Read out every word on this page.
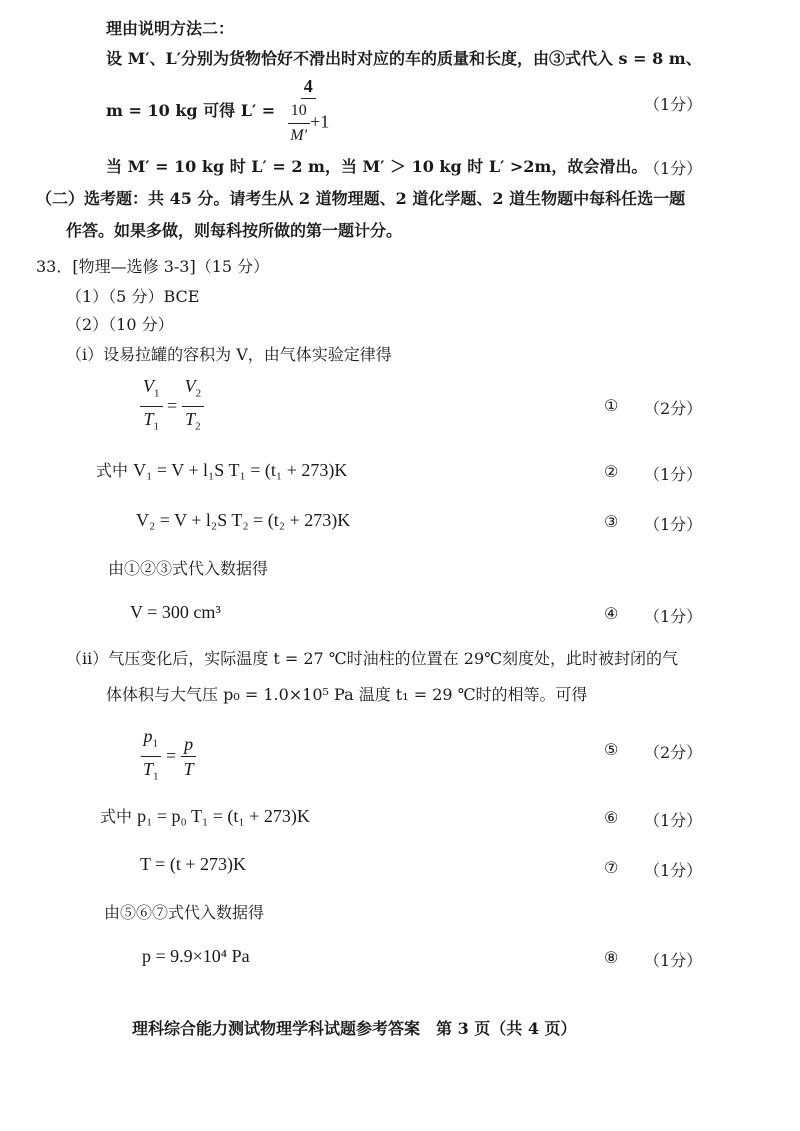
理由说明方法二：
设 M′、L′分别为货物恰好不滑出时对应的车的质量和长度，由③式代入 s = 8 m、
m = 10 kg 可得 $L' = \frac{4}{\frac{10}{M'} +1}$	（1分）
当 M′ = 10 kg 时 L′ = 2 m，当 M′ ＞ 10 kg 时 L′ >2m，故会滑出。
（1分）
（二）选考题：共 45 分。请考生从 2 道物理题、2 道化学题、2 道生物题中每科任选一题
作答。如果多做，则每科按所做的第一题计分。
33．[物理—选修 3-3]（15 分）
（1）（5 分）BCE
（2）（10 分）
（i）设易拉罐的容积为 V，由气体实验定律得
$\frac{V_1}{T_1} = \frac{V_2}{T_2}$	① （2分）
式中 V₁ = V + l₁S T₁ = (t₁ + 273)K	② （1分）
V₂ = V + l₂S T₂ = (t₂ + 273)K	③ （1分）
由①②③式代入数据得
V = 300 cm³	④ （1分）
（ii）气压变化后，实际温度 t = 27 ℃时油柱的位置在 29℃刻度处，此时被封闭的气
体体积与大气压 p₀ = 1.0×10⁵ Pa 温度 t₁ = 29 ℃时的相等。可得
$\frac{p_1}{T_1} = \frac{p}{T}$	⑤ （2分）
式中 p₁ = p₀ T₁ = (t₁ + 273)K	⑥ （1分）
T = (t + 273)K	⑦ （1分）
由⑤⑥⑦式代入数据得
p = 9.9×10⁴ Pa	⑧ （1分）
理科综合能力测试物理学科试题参考答案　第 3 页（共 4 页）
